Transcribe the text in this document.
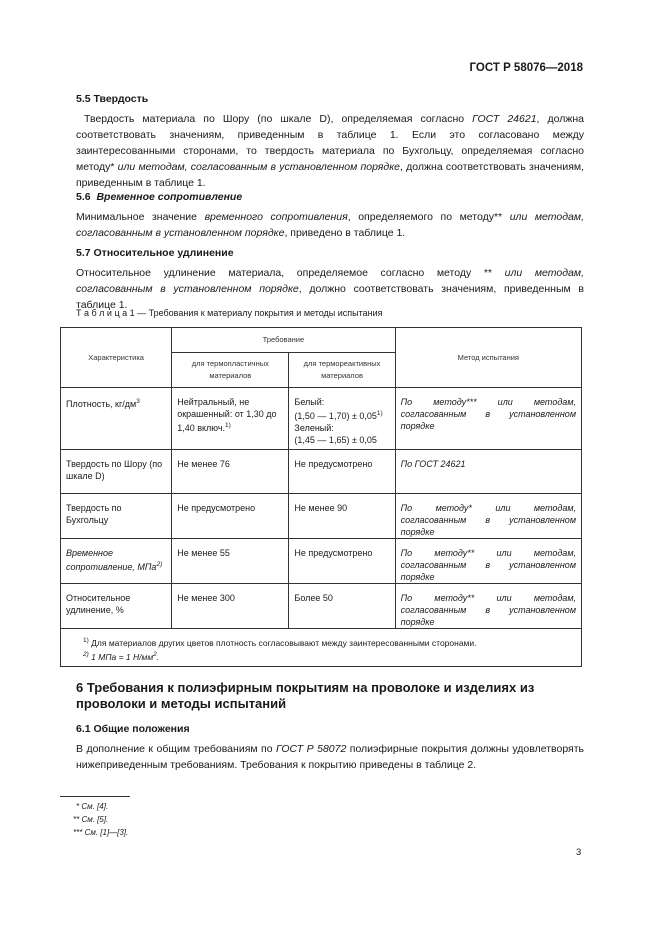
ГОСТ Р 58076—2018
5.5 Твердость
Твердость материала по Шору (по шкале D), определяемая согласно ГОСТ 24621, должна соответствовать значениям, приведенным в таблице 1. Если это согласовано между заинтересованными сторонами, то твердость материала по Бухгольцу, определяемая согласно методу* или методам, согласованным в установленном порядке, должна соответствовать значениям, приведенным в таблице 1.
5.6 Временное сопротивление
Минимальное значение временного сопротивления, определяемого по методу** или методам, согласованным в установленном порядке, приведено в таблице 1.
5.7 Относительное удлинение
Относительное удлинение материала, определяемое согласно методу ** или методам, согласованным в установленном порядке, должно соответствовать значениям, приведенным в таблице 1.
Т а б л и ц а 1 — Требования к материалу покрытия и методы испытания
Характеристика	Требование		Метод испытания
	для термопластичных материалов	для термореактивных материалов	
Плотность, $кг/дм^3$	Нейтральный, не окрашенный: от 1,30 до 1,40 включ.$^{1)}$	Белый:
(1,50 — $1,70) \pm 0,05^{1)}$
Зеленый:
(1,45 — 1,65) ± 0,05	По методу*** или методам, согласованным в установленном порядке
Твердость по Шору (по шкале D)	Не менее 76	Не предусмотрено	По ГОСТ 24621
Твердость по Бухгольцу	Не предусмотрено	Не менее 90	По методу* или методам, согласованным в установленном порядке
Временное сопротивление, МПа$^{2)}$	Не менее 55	Не предусмотрено	По методу** или методам, согласованным в установленном порядке
Относительное удлинение, %	Не менее 300	Более 50	По методу** или методам, согласованным в установленном порядке

$^{1)}$ Для материалов других цветов плотность согласовывают между заинтересованными сторонами.
$^{2)}$ 1 МПа = 1 $Н/мм^2$.			
6 Требования к полиэфирным покрытиям на проволоке и изделиях из проволоки и методы испытаний
6.1 Общие положения
В дополнение к общим требованиям по ГОСТ Р 58072 полиэфирные покрытия должны удовлетворять нижеприведенным требованиям. Требования к покрытию приведены в таблице 2.
* См. [4].
** См. [5].
*** См. [1]—[3].
3
